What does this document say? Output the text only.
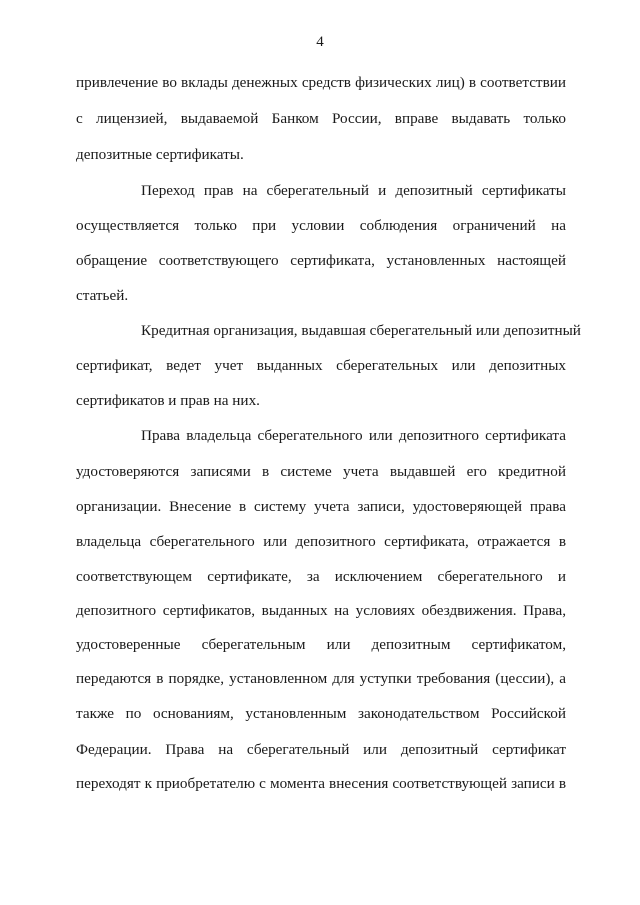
4
привлечение во вклады денежных средств физических лиц) в соответствии
с лицензией, выдаваемой Банком России, вправе выдавать только
депозитные сертификаты.
Переход прав на сберегательный и депозитный сертификаты
осуществляется только при условии соблюдения ограничений на
обращение соответствующего сертификата, установленных настоящей
статьей.
Кредитная организация, выдавшая сберегательный или депозитный
сертификат, ведет учет выданных сберегательных или депозитных
сертификатов и прав на них.
Права владельца сберегательного или депозитного сертификата
удостоверяются записями в системе учета выдавшей его кредитной
организации. Внесение в систему учета записи, удостоверяющей права
владельца сберегательного или депозитного сертификата, отражается в
соответствующем сертификате, за исключением сберегательного и
депозитного сертификатов, выданных на условиях обездвижения. Права,
удостоверенные сберегательным или депозитным сертификатом,
передаются в порядке, установленном для уступки требования (цессии), а
также по основаниям, установленным законодательством Российской
Федерации. Права на сберегательный или депозитный сертификат
переходят к приобретателю с момента внесения соответствующей записи в
